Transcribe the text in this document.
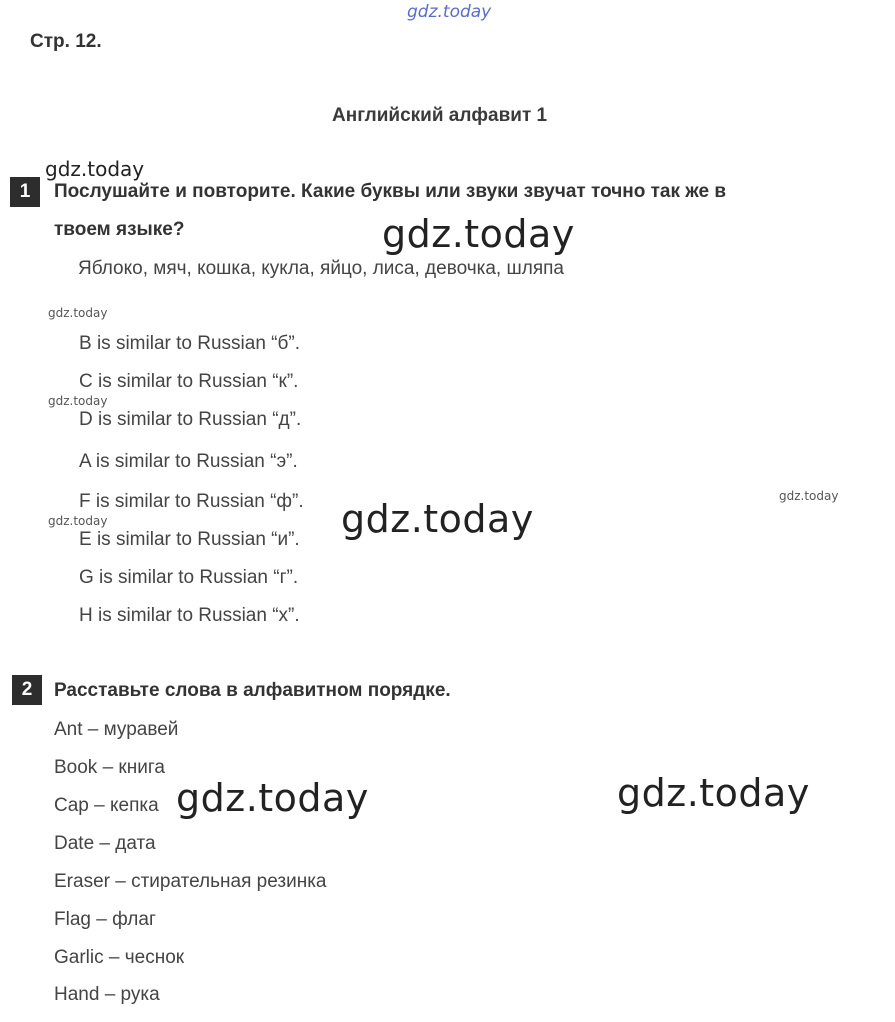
gdz.today
Стр. 12.
Английский алфавит 1
gdz.today
1	Послушайте и повторите. Какие буквы или звуки звучат точно так же в
твоем языке?	gdz.today
Яблоко, мяч, кошка, кукла, яйцо, лиса, девочка, шляпа
gdz.today
B is similar to Russian “б”.
C is similar to Russian “к”.
gdz.today
D is similar to Russian “д”.
A is similar to Russian “э”.
F is similar to Russian “ф”.	gdz.today
gdz.today
gdz.today
E is similar to Russian “и”.
G is similar to Russian “г”.
H is similar to Russian “х”.
2	Расставьте слова в алфавитном порядке.
Ant – муравей
Book – книга
Cap – кепка gdz.today	gdz.today
Date – дата
Eraser – стирательная резинка
Flag – флаг
Garlic – чеснок
Hand – рука
